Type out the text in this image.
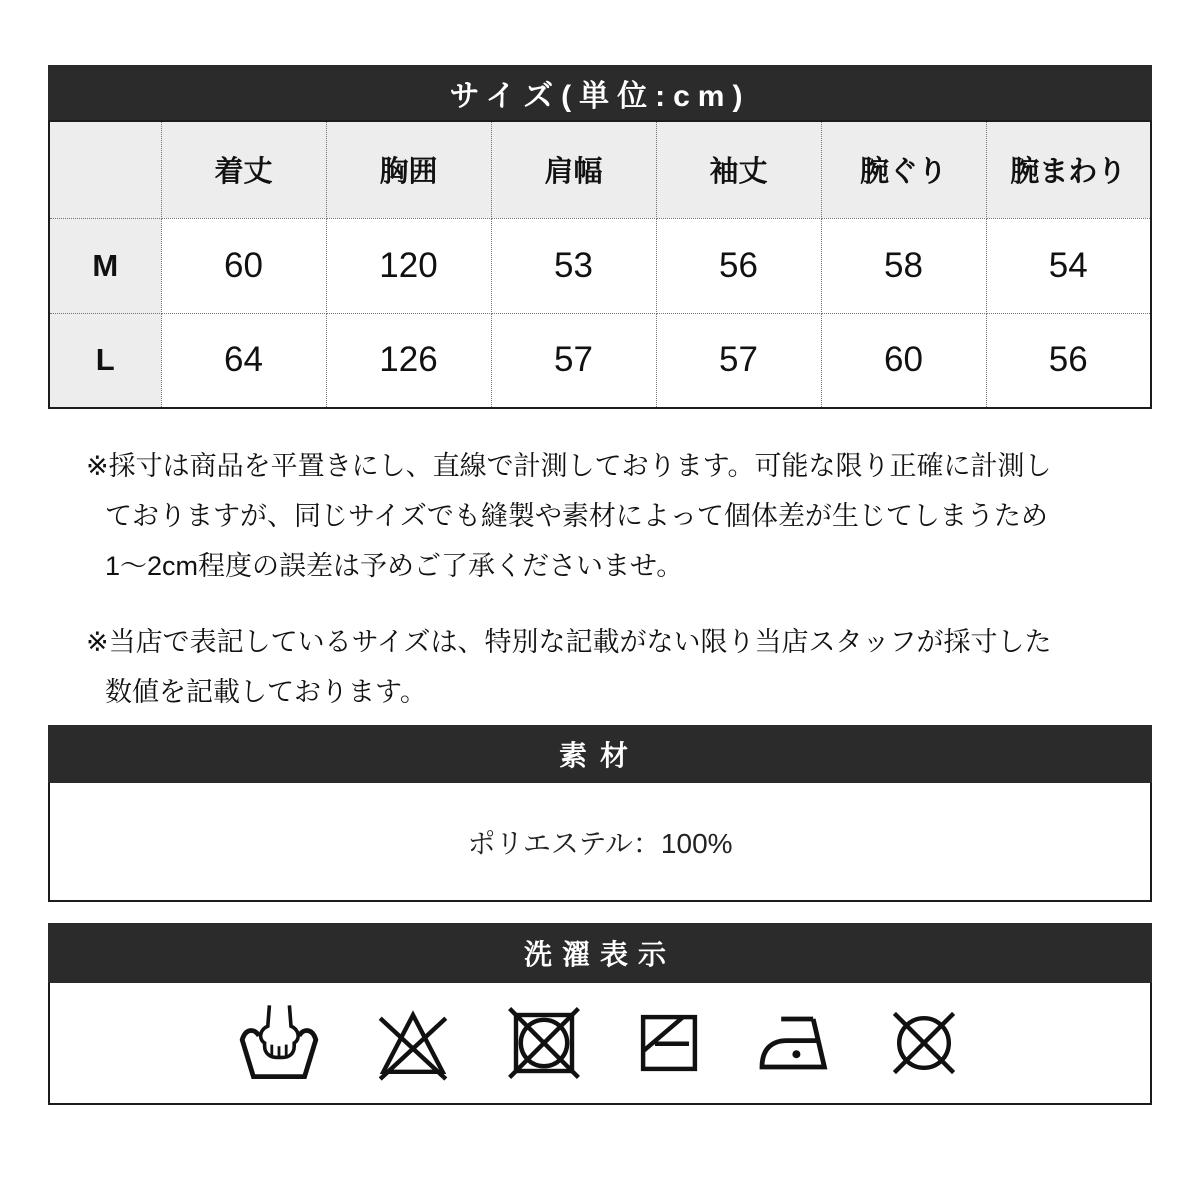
サイズ(単位:cm)
	着丈	胸囲	肩幅	袖丈	腕ぐり	腕まわり
M	60	120	53	56	58	54
L	64	126	57	57	60	56
※採寸は商品を平置きにし、直線で計測しております。可能な限り正確に計測し
ておりますが、同じサイズでも縫製や素材によって個体差が生じてしまうため
1〜2cm程度の誤差は予めご了承くださいませ。
※当店で表記しているサイズは、特別な記載がない限り当店スタッフが採寸した
数値を記載しております。
素材
ポリエステル：100%
洗濯表示
